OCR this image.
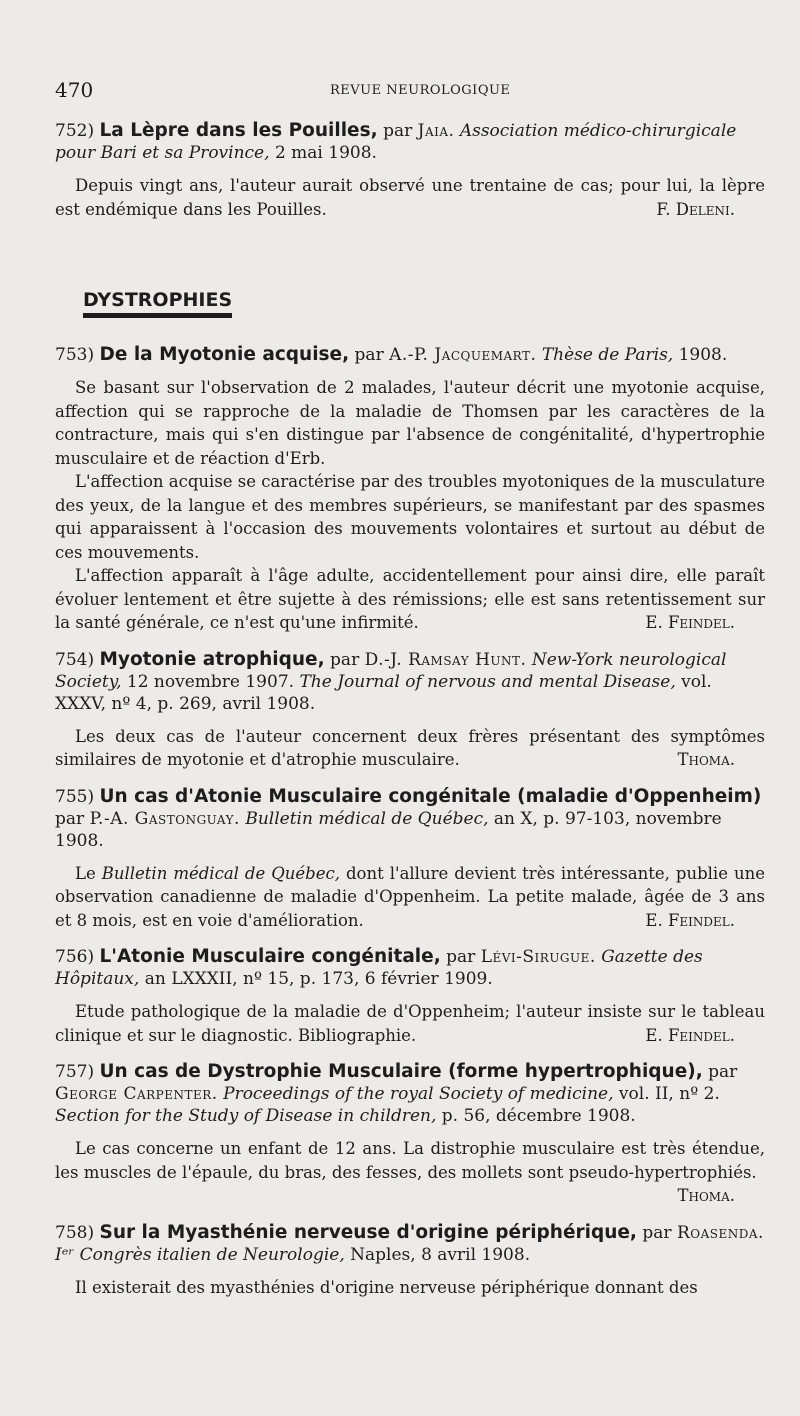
470	REVUE NEUROLOGIQUE
752) La Lèpre dans les Pouilles, par Jaia. Association médico-chirurgicale pour Bari et sa Province, 2 mai 1908.
Depuis vingt ans, l'auteur aurait observé une trentaine de cas; pour lui, la lèpre est endémique dans les Pouilles.	F. Deleni.
DYSTROPHIES
753) De la Myotonie acquise, par A.-P. Jacquemart. Thèse de Paris, 1908.
Se basant sur l'observation de 2 malades, l'auteur décrit une myotonie acquise, affection qui se rapproche de la maladie de Thomsen par les caractères de la contracture, mais qui s'en distingue par l'absence de congénitalité, d'hypertrophie musculaire et de réaction d'Erb.
L'affection acquise se caractérise par des troubles myotoniques de la musculature des yeux, de la langue et des membres supérieurs, se manifestant par des spasmes qui apparaissent à l'occasion des mouvements volontaires et surtout au début de ces mouvements.
L'affection apparaît à l'âge adulte, accidentellement pour ainsi dire, elle paraît évoluer lentement et être sujette à des rémissions; elle est sans retentissement sur la santé générale, ce n'est qu'une infirmité.	E. Feindel.
754) Myotonie atrophique, par D.-J. Ramsay Hunt. New-York neurological Society, 12 novembre 1907. The Journal of nervous and mental Disease, vol. XXXV, nº 4, p. 269, avril 1908.
Les deux cas de l'auteur concernent deux frères présentant des symptômes similaires de myotonie et d'atrophie musculaire.	Thoma.
755) Un cas d'Atonie Musculaire congénitale (maladie d'Oppenheim) par P.-A. Gastonguay. Bulletin médical de Québec, an X, p. 97-103, novembre 1908.
Le Bulletin médical de Québec, dont l'allure devient très intéressante, publie une observation canadienne de maladie d'Oppenheim. La petite malade, âgée de 3 ans et 8 mois, est en voie d'amélioration.	E. Feindel.
756) L'Atonie Musculaire congénitale, par Lévi-Sirugue. Gazette des Hôpitaux, an LXXXII, nº 15, p. 173, 6 février 1909.
Etude pathologique de la maladie de d'Oppenheim; l'auteur insiste sur le tableau clinique et sur le diagnostic. Bibliographie.	E. Feindel.
757) Un cas de Dystrophie Musculaire (forme hypertrophique), par George Carpenter. Proceedings of the royal Society of medicine, vol. II, nº 2. Section for the Study of Disease in children, p. 56, décembre 1908.
Le cas concerne un enfant de 12 ans. La distrophie musculaire est très étendue, les muscles de l'épaule, du bras, des fesses, des mollets sont pseudo-hypertrophiés.
Thoma.
758) Sur la Myasthénie nerveuse d'origine périphérique, par Roasenda. Iᵉʳ Congrès italien de Neurologie, Naples, 8 avril 1908.
Il existerait des myasthénies d'origine nerveuse périphérique donnant des
